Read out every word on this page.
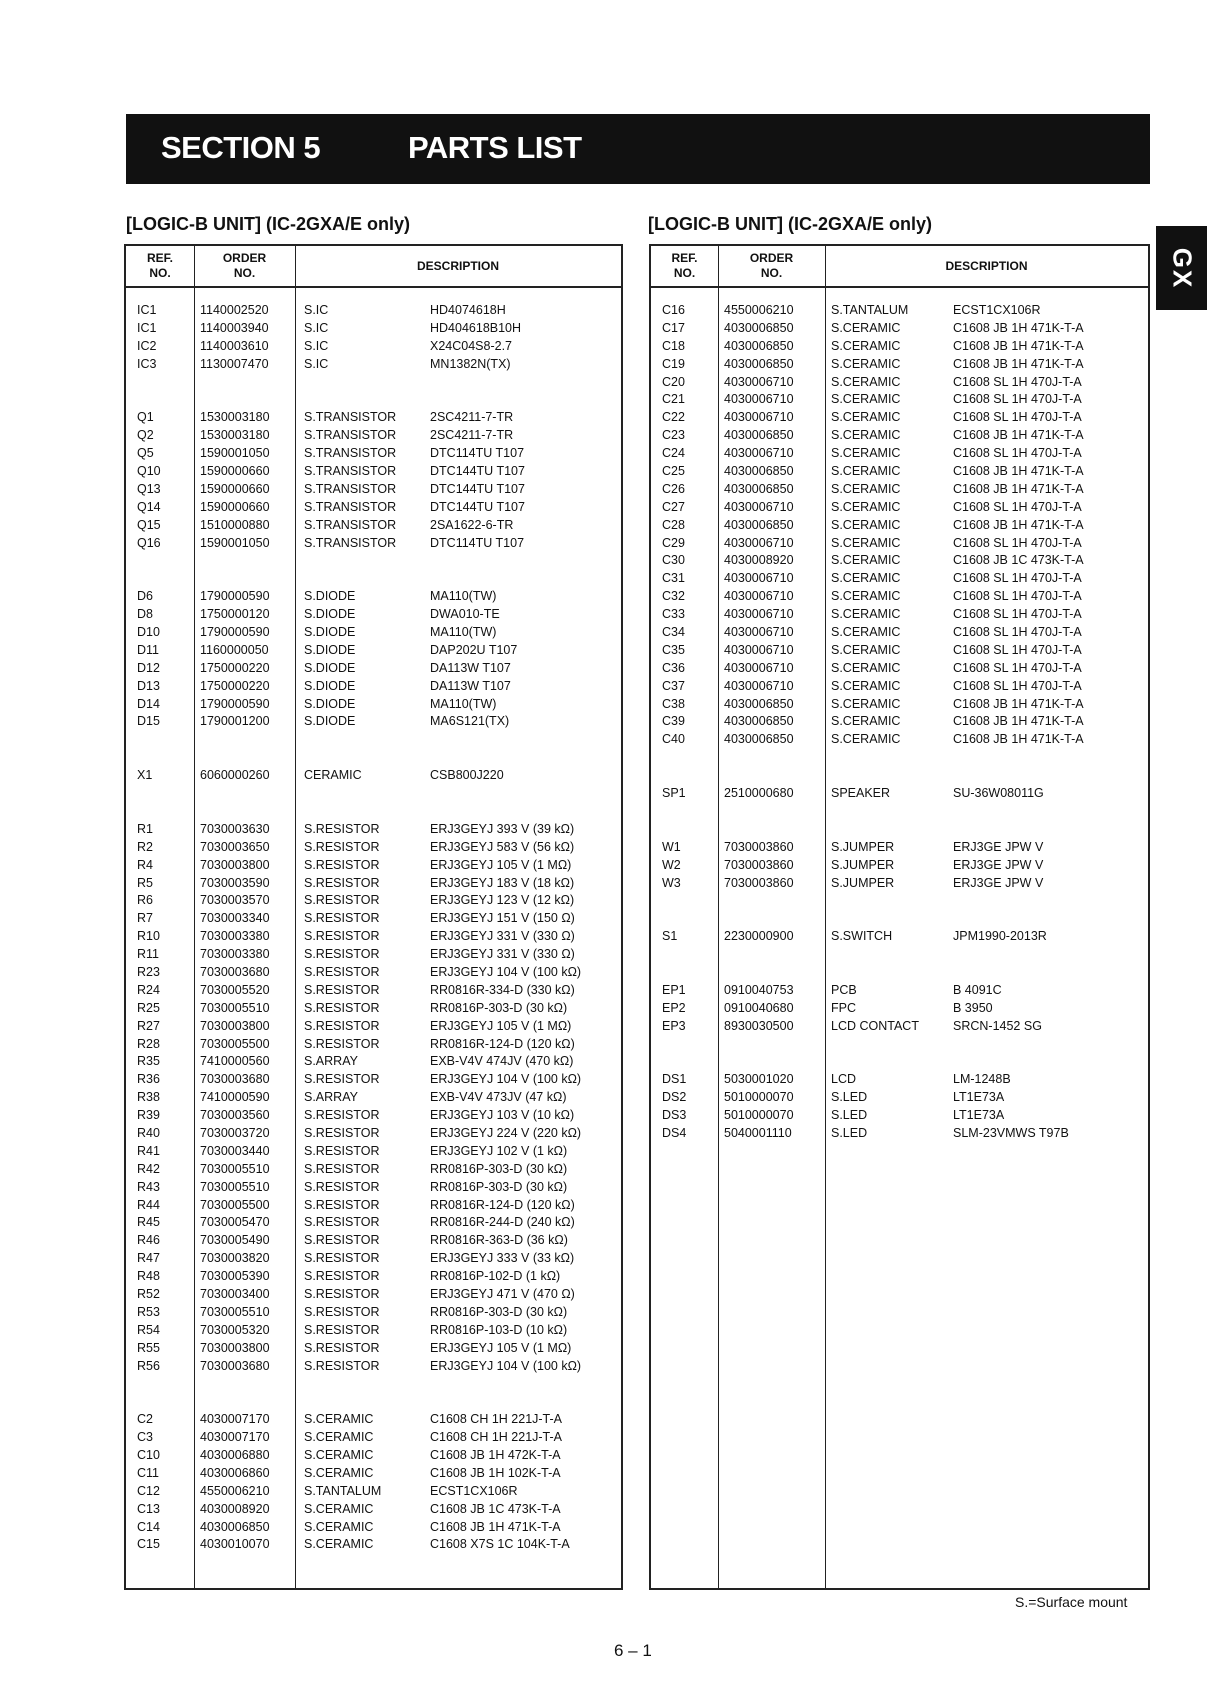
SECTION 5	PARTS LIST
GX
[LOGIC-B UNIT] (IC-2GXA/E only)	[LOGIC-B UNIT] (IC-2GXA/E only)
REF.
NO.
ORDER
NO.
DESCRIPTION
IC1	1140002520	S.IC	HD4074618H
IC1	1140003940	S.IC	HD404618B10H
IC2	1140003610	S.IC	X24C04S8-2.7
IC3	1130007470	S.IC	MN1382N(TX)
Q1	1530003180	S.TRANSISTOR	2SC4211-7-TR
Q2	1530003180	S.TRANSISTOR	2SC4211-7-TR
Q5	1590001050	S.TRANSISTOR	DTC114TU T107
Q10	1590000660	S.TRANSISTOR	DTC144TU T107
Q13	1590000660	S.TRANSISTOR	DTC144TU T107
Q14	1590000660	S.TRANSISTOR	DTC144TU T107
Q15	1510000880	S.TRANSISTOR	2SA1622-6-TR
Q16	1590001050	S.TRANSISTOR	DTC114TU T107
D6	1790000590	S.DIODE	MA110(TW)
D8	1750000120	S.DIODE	DWA010-TE
D10	1790000590	S.DIODE	MA110(TW)
D11	1160000050	S.DIODE	DAP202U T107
D12	1750000220	S.DIODE	DA113W T107
D13	1750000220	S.DIODE	DA113W T107
D14	1790000590	S.DIODE	MA110(TW)
D15	1790001200	S.DIODE	MA6S121(TX)
X1	6060000260	CERAMIC	CSB800J220
R1	7030003630	S.RESISTOR	ERJ3GEYJ 393 V (39 kΩ)
R2	7030003650	S.RESISTOR	ERJ3GEYJ 583 V (56 kΩ)
R4	7030003800	S.RESISTOR	ERJ3GEYJ 105 V (1 MΩ)
R5	7030003590	S.RESISTOR	ERJ3GEYJ 183 V (18 kΩ)
R6	7030003570	S.RESISTOR	ERJ3GEYJ 123 V (12 kΩ)
R7	7030003340	S.RESISTOR	ERJ3GEYJ 151 V (150 Ω)
R10	7030003380	S.RESISTOR	ERJ3GEYJ 331 V (330 Ω)
R11	7030003380	S.RESISTOR	ERJ3GEYJ 331 V (330 Ω)
R23	7030003680	S.RESISTOR	ERJ3GEYJ 104 V (100 kΩ)
R24	7030005520	S.RESISTOR	RR0816R-334-D (330 kΩ)
R25	7030005510	S.RESISTOR	RR0816P-303-D (30 kΩ)
R27	7030003800	S.RESISTOR	ERJ3GEYJ 105 V (1 MΩ)
R28	7030005500	S.RESISTOR	RR0816R-124-D (120 kΩ)
R35	7410000560	S.ARRAY	EXB-V4V 474JV (470 kΩ)
R36	7030003680	S.RESISTOR	ERJ3GEYJ 104 V (100 kΩ)
R38	7410000590	S.ARRAY	EXB-V4V 473JV (47 kΩ)
R39	7030003560	S.RESISTOR	ERJ3GEYJ 103 V (10 kΩ)
R40	7030003720	S.RESISTOR	ERJ3GEYJ 224 V (220 kΩ)
R41	7030003440	S.RESISTOR	ERJ3GEYJ 102 V (1 kΩ)
R42	7030005510	S.RESISTOR	RR0816P-303-D (30 kΩ)
R43	7030005510	S.RESISTOR	RR0816P-303-D (30 kΩ)
R44	7030005500	S.RESISTOR	RR0816R-124-D (120 kΩ)
R45	7030005470	S.RESISTOR	RR0816R-244-D (240 kΩ)
R46	7030005490	S.RESISTOR	RR0816R-363-D (36 kΩ)
R47	7030003820	S.RESISTOR	ERJ3GEYJ 333 V (33 kΩ)
R48	7030005390	S.RESISTOR	RR0816P-102-D (1 kΩ)
R52	7030003400	S.RESISTOR	ERJ3GEYJ 471 V (470 Ω)
R53	7030005510	S.RESISTOR	RR0816P-303-D (30 kΩ)
R54	7030005320	S.RESISTOR	RR0816P-103-D (10 kΩ)
R55	7030003800	S.RESISTOR	ERJ3GEYJ 105 V (1 MΩ)
R56	7030003680	S.RESISTOR	ERJ3GEYJ 104 V (100 kΩ)
C2	4030007170	S.CERAMIC	C1608 CH 1H 221J-T-A
C3	4030007170	S.CERAMIC	C1608 CH 1H 221J-T-A
C10	4030006880	S.CERAMIC	C1608 JB 1H 472K-T-A
C11	4030006860	S.CERAMIC	C1608 JB 1H 102K-T-A
C12	4550006210	S.TANTALUM	ECST1CX106R
C13	4030008920	S.CERAMIC	C1608 JB 1C 473K-T-A
C14	4030006850	S.CERAMIC	C1608 JB 1H 471K-T-A
C15	4030010070	S.CERAMIC	C1608 X7S 1C 104K-T-A
REF.
NO.
ORDER
NO.
DESCRIPTION
C16	4550006210	S.TANTALUM	ECST1CX106R
C17	4030006850	S.CERAMIC	C1608 JB 1H 471K-T-A
C18	4030006850	S.CERAMIC	C1608 JB 1H 471K-T-A
C19	4030006850	S.CERAMIC	C1608 JB 1H 471K-T-A
C20	4030006710	S.CERAMIC	C1608 SL 1H 470J-T-A
C21	4030006710	S.CERAMIC	C1608 SL 1H 470J-T-A
C22	4030006710	S.CERAMIC	C1608 SL 1H 470J-T-A
C23	4030006850	S.CERAMIC	C1608 JB 1H 471K-T-A
C24	4030006710	S.CERAMIC	C1608 SL 1H 470J-T-A
C25	4030006850	S.CERAMIC	C1608 JB 1H 471K-T-A
C26	4030006850	S.CERAMIC	C1608 JB 1H 471K-T-A
C27	4030006710	S.CERAMIC	C1608 SL 1H 470J-T-A
C28	4030006850	S.CERAMIC	C1608 JB 1H 471K-T-A
C29	4030006710	S.CERAMIC	C1608 SL 1H 470J-T-A
C30	4030008920	S.CERAMIC	C1608 JB 1C 473K-T-A
C31	4030006710	S.CERAMIC	C1608 SL 1H 470J-T-A
C32	4030006710	S.CERAMIC	C1608 SL 1H 470J-T-A
C33	4030006710	S.CERAMIC	C1608 SL 1H 470J-T-A
C34	4030006710	S.CERAMIC	C1608 SL 1H 470J-T-A
C35	4030006710	S.CERAMIC	C1608 SL 1H 470J-T-A
C36	4030006710	S.CERAMIC	C1608 SL 1H 470J-T-A
C37	4030006710	S.CERAMIC	C1608 SL 1H 470J-T-A
C38	4030006850	S.CERAMIC	C1608 JB 1H 471K-T-A
C39	4030006850	S.CERAMIC	C1608 JB 1H 471K-T-A
C40	4030006850	S.CERAMIC	C1608 JB 1H 471K-T-A
SP1	2510000680	SPEAKER	SU-36W08011G
W1	7030003860	S.JUMPER	ERJ3GE JPW V
W2	7030003860	S.JUMPER	ERJ3GE JPW V
W3	7030003860	S.JUMPER	ERJ3GE JPW V
S1	2230000900	S.SWITCH	JPM1990-2013R
EP1	0910040753	PCB	B 4091C
EP2	0910040680	FPC	B 3950
EP3	8930030500	LCD CONTACT	SRCN-1452 SG
DS1	5030001020	LCD	LM-1248B
DS2	5010000070	S.LED	LT1E73A
DS3	5010000070	S.LED	LT1E73A
DS4	5040001110	S.LED	SLM-23VMWS T97B
S.=Surface mount
6 – 1
